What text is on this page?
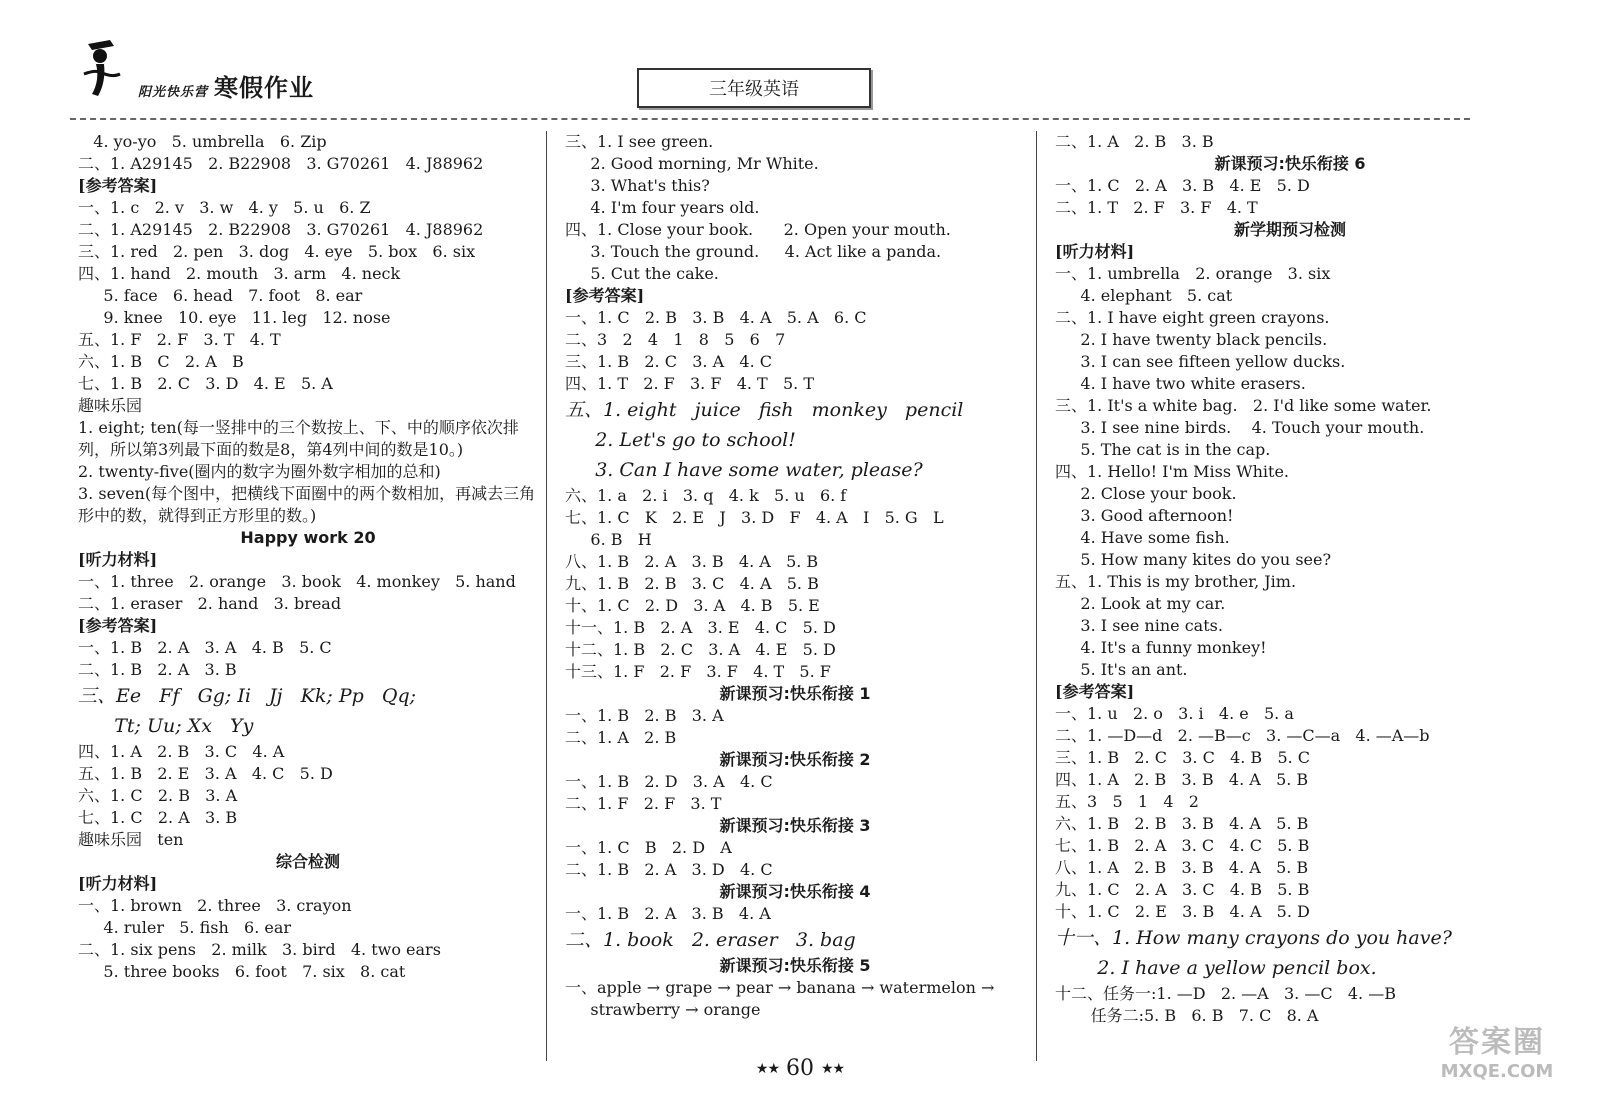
阳光快乐营 寒假作业	三年级英语
4. yo-yo   5. umbrella   6. Zip
二、1. A29145   2. B22908   3. G70261   4. J88962
[参考答案]
一、1. c   2. v   3. w   4. y   5. u   6. Z
二、1. A29145   2. B22908   3. G70261   4. J88962
三、1. red   2. pen   3. dog   4. eye   5. box   6. six
四、1. hand   2. mouth   3. arm   4. neck
5. face   6. head   7. foot   8. ear
9. knee   10. eye   11. leg   12. nose
五、1. F   2. F   3. T   4. T
六、1. B   C   2. A   B
七、1. B   2. C   3. D   4. E   5. A
趣味乐园
1. eight; ten(每一竖排中的三个数按上、下、中的顺序依次排列，所以第3列最下面的数是8，第4列中间的数是10。)
2. twenty-five(圈内的数字为圈外数字相加的总和)
3. seven(每个图中，把横线下面圈中的两个数相加，再减去三角形中的数，就得到正方形里的数。)
Happy work 20
[听力材料]
一、1. three   2. orange   3. book   4. monkey   5. hand
二、1. eraser   2. hand   3. bread
[参考答案]
一、1. B   2. A   3. A   4. B   5. C
二、1. B   2. A   3. B
三、Ee   Ff   Gg; Ii   Jj   Kk; Pp   Qq;
Tt; Uu; Xx   Yy
四、1. A   2. B   3. C   4. A
五、1. B   2. E   3. A   4. C   5. D
六、1. C   2. B   3. A
七、1. C   2. A   3. B
趣味乐园   ten
综合检测
[听力材料]
一、1. brown   2. three   3. crayon
4. ruler   5. fish   6. ear
二、1. six pens   2. milk   3. bird   4. two ears
5. three books   6. foot   7. six   8. cat
三、1. I see green.
2. Good morning, Mr White.
3. What's this?
4. I'm four years old.
四、1. Close your book.      2. Open your mouth.
3. Touch the ground.     4. Act like a panda.
5. Cut the cake.
[参考答案]
一、1. C   2. B   3. B   4. A   5. A   6. C
二、3   2   4   1   8   5   6   7
三、1. B   2. C   3. A   4. C
四、1. T   2. F   3. F   4. T   5. T
五、1. eight   juice   fish   monkey   pencil
2. Let's go to school!
3. Can I have some water, please?
六、1. a   2. i   3. q   4. k   5. u   6. f
七、1. C   K   2. E   J   3. D   F   4. A   I   5. G   L
6. B   H
八、1. B   2. A   3. B   4. A   5. B
九、1. B   2. B   3. C   4. A   5. B
十、1. C   2. D   3. A   4. B   5. E
十一、1. B   2. A   3. E   4. C   5. D
十二、1. B   2. C   3. A   4. E   5. D
十三、1. F   2. F   3. F   4. T   5. F
新课预习:快乐衔接 1
一、1. B   2. B   3. A
二、1. A   2. B
新课预习:快乐衔接 2
一、1. B   2. D   3. A   4. C
二、1. F   2. F   3. T
新课预习:快乐衔接 3
一、1. C   B   2. D   A
二、1. B   2. A   3. D   4. C
新课预习:快乐衔接 4
一、1. B   2. A   3. B   4. A
二、1. book   2. eraser   3. bag
新课预习:快乐衔接 5
一、apple → grape → pear → banana → watermelon →
strawberry → orange
二、1. A   2. B   3. B
新课预习:快乐衔接 6
一、1. C   2. A   3. B   4. E   5. D
二、1. T   2. F   3. F   4. T
新学期预习检测
[听力材料]
一、1. umbrella   2. orange   3. six
4. elephant   5. cat
二、1. I have eight green crayons.
2. I have twenty black pencils.
3. I can see fifteen yellow ducks.
4. I have two white erasers.
三、1. It's a white bag.   2. I'd like some water.
3. I see nine birds.    4. Touch your mouth.
5. The cat is in the cap.
四、1. Hello! I'm Miss White.
2. Close your book.
3. Good afternoon!
4. Have some fish.
5. How many kites do you see?
五、1. This is my brother, Jim.
2. Look at my car.
3. I see nine cats.
4. It's a funny monkey!
5. It's an ant.
[参考答案]
一、1. u   2. o   3. i   4. e   5. a
二、1. —D—d   2. —B—c   3. —C—a   4. —A—b
三、1. B   2. C   3. C   4. B   5. C
四、1. A   2. B   3. B   4. A   5. B
五、3   5   1   4   2
六、1. B   2. B   3. B   4. A   5. B
七、1. B   2. A   3. C   4. C   5. B
八、1. A   2. B   3. B   4. A   5. B
九、1. C   2. A   3. C   4. B   5. B
十、1. C   2. E   3. B   4. A   5. D
十一、1. How many crayons do you have?
2. I have a yellow pencil box.
十二、任务一:1. —D   2. —A   3. —C   4. —B
任务二:5. B   6. B   7. C   8. A
★★ 60 ★★
答案圈
MXQE.COM
